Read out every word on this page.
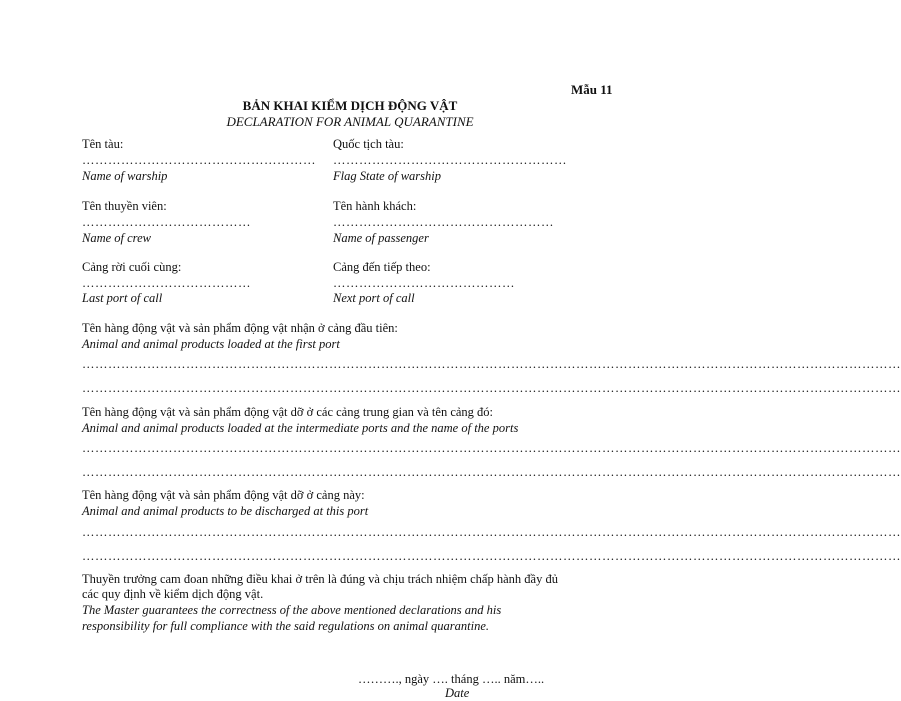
Mẫu 11
BẢN KHAI KIỂM DỊCH ĐỘNG VẬT
DECLARATION FOR ANIMAL QUARANTINE
Tên tàu:
………………………………………………
Name of warship
Quốc tịch tàu:
………………………………………………
Flag State of warship
Tên thuyền viên:
…………………………………
Name of crew
Tên hành khách:
……………………………………………
Name of passenger
Cảng rời cuối cùng:
…………………………………
Last port of call
Cảng đến tiếp theo:
……………………………………
Next port of call
Tên hàng động vật và sản phẩm động vật nhận ở cảng đầu tiên:
Animal and animal products loaded at the first port
………………………………………………………………………………………………………………………………………………………………………
………………………………………………………………………………………………………………………………………………………………………
Tên hàng động vật và sản phẩm động vật dỡ ở các cảng trung gian và tên cảng đó:
Animal and animal products loaded at the intermediate ports and the name of the ports
………………………………………………………………………………………………………………………………………………………………………
………………………………………………………………………………………………………………………………………………………………………
Tên hàng động vật và sản phẩm động vật dỡ ở cảng này:
Animal and animal products to be discharged at this port
………………………………………………………………………………………………………………………………………………………………………
………………………………………………………………………………………………………………………………………………………………………
Thuyền trưởng cam đoan những điều khai ở trên là đúng và chịu trách nhiệm chấp hành đầy đủ
các quy định về kiểm dịch động vật.
The Master guarantees the correctness of the above mentioned declarations and his
responsibility for full compliance with the said regulations on animal quarantine.
………., ngày …. tháng ….. năm…..
Date
